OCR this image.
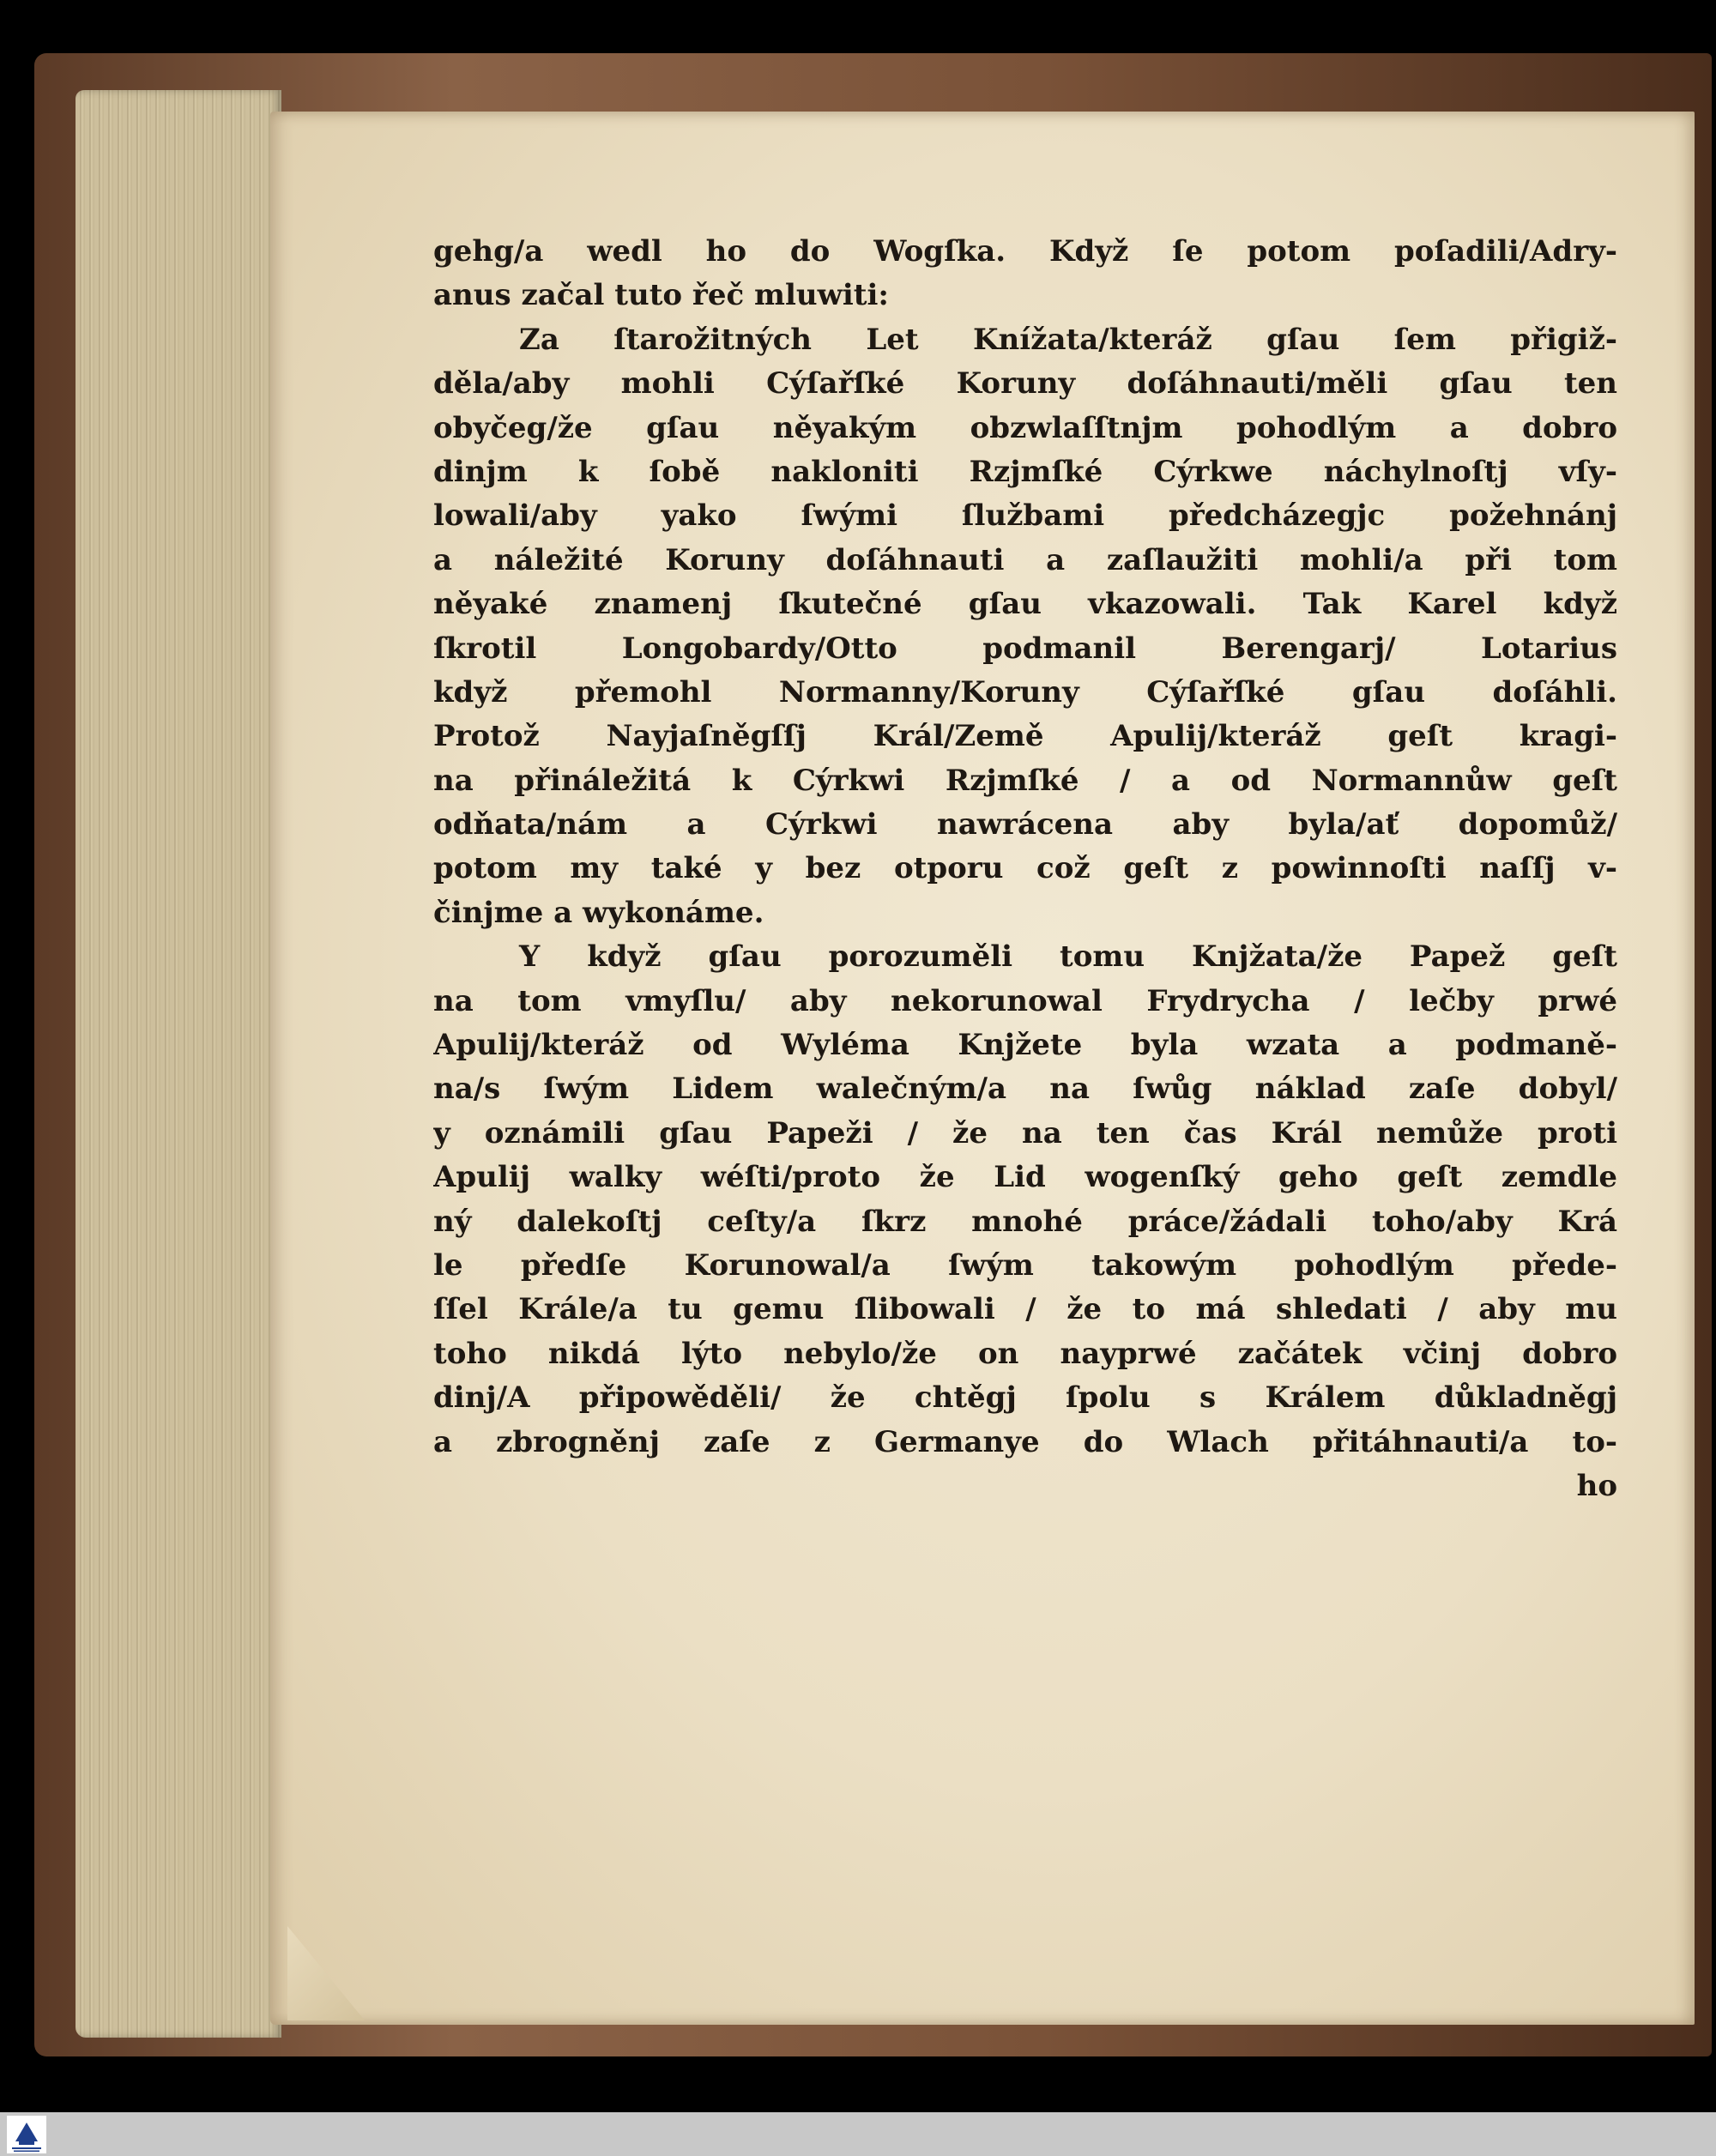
gehg/a wedl ho do Wogſka. Když ſe potom poſadili/Adry-
anus začal tuto řeč mluwiti:
Za ſtarožitných Let Knížata/kteráž gſau ſem přigiž-
děla/aby mohli Cýſařſké Koruny doſáhnauti/měli gſau ten
obyčeg/že gſau něyakým obzwlaſſtnjm pohodlým a dobro
dinjm k ſobě nakloniti Rzjmſké Cýrkwe náchylnoſtj vſy-
lowali/aby yako ſwými ſlužbami předcházegjc požehnánj
a náležité Koruny doſáhnauti a zaſlaužiti mohli/a při tom
něyaké znamenj ſkutečné gſau vkazowali. Tak Karel když
ſkrotil Longobardy/Otto podmanil Berengarj/ Lotarius
když přemohl Normanny/Koruny Cýſařſké gſau doſáhli.
Protož Nayjaſněgſſj Král/Země Apulij/kteráž geſt kragi-
na přináležitá k Cýrkwi Rzjmſké / a od Normannůw geſt
odňata/nám a Cýrkwi nawrácena aby byla/ať dopomůž/
potom my také y bez otporu což geſt z powinnoſti naſſj v-
činjme a wykonáme.
Y když gſau porozuměli tomu Knjžata/že Papež geſt
na tom vmyſlu/ aby nekorunowal Frydrycha / lečby prwé
Apulij/kteráž od Wyléma Knjžete byla wzata a podmaně-
na/s ſwým Lidem walečným/a na ſwůg náklad zaſe dobyl/
y oznámili gſau Papeži / že na ten čas Král nemůže proti
Apulij walky wéſti/proto že Lid wogenſký geho geſt zemdle
ný dalekoſtj ceſty/a ſkrz mnohé práce/žádali toho/aby Krá
le předſe Korunowal/a ſwým takowým pohodlým přede-
ſſel Krále/a tu gemu ſlibowali / že to má shledati / aby mu
toho nikdá lýto nebylo/že on nayprwé začátek včinj dobro
dinj/A připowěděli/ že chtěgj ſpolu s Králem důkladněgj
a zbrogněnj zaſe z Germanye do Wlach přitáhnauti/a to-
ho
